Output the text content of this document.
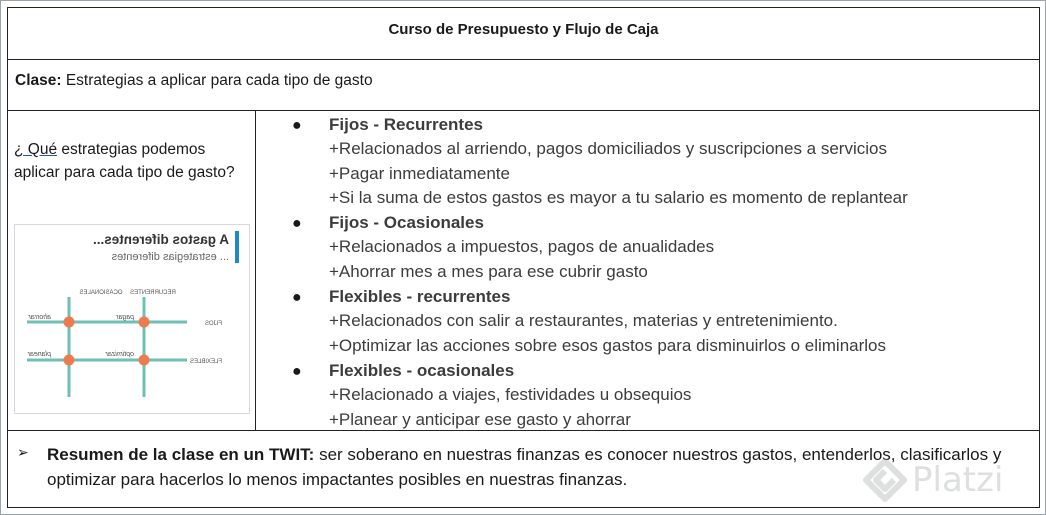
Curso de Presupuesto y Flujo de Caja
Clase: Estrategias a aplicar para cada tipo de gasto
¿ Qué estrategias podemos aplicar para cada tipo de gasto?
A gastos diferentes...
... estrategias diferentes
OCASIONALES RECURRENTES
FIJOS
FLEXIBLES
ahorrar	pagar
planear	optimizar
● Fijos - Recurrentes
+Relacionados al arriendo, pagos domiciliados y suscripciones a servicios
+Pagar inmediatamente
+Si la suma de estos gastos es mayor a tu salario es momento de replantear
● Fijos - Ocasionales
+Relacionados a impuestos, pagos de anualidades
+Ahorrar mes a mes para ese cubrir gasto
● Flexibles - recurrentes
+Relacionados con salir a restaurantes, materias y entretenimiento.
+Optimizar las acciones sobre esos gastos para disminuirlos o eliminarlos
● Flexibles - ocasionales
+Relacionado a viajes, festividades u obsequios
+Planear y anticipar ese gasto y ahorrar
➢ Resumen de la clase en un TWIT: ser soberano en nuestras finanzas es conocer nuestros gastos, entenderlos, clasificarlos y optimizar para hacerlos lo menos impactantes posibles en nuestras finanzas.	Platzi
